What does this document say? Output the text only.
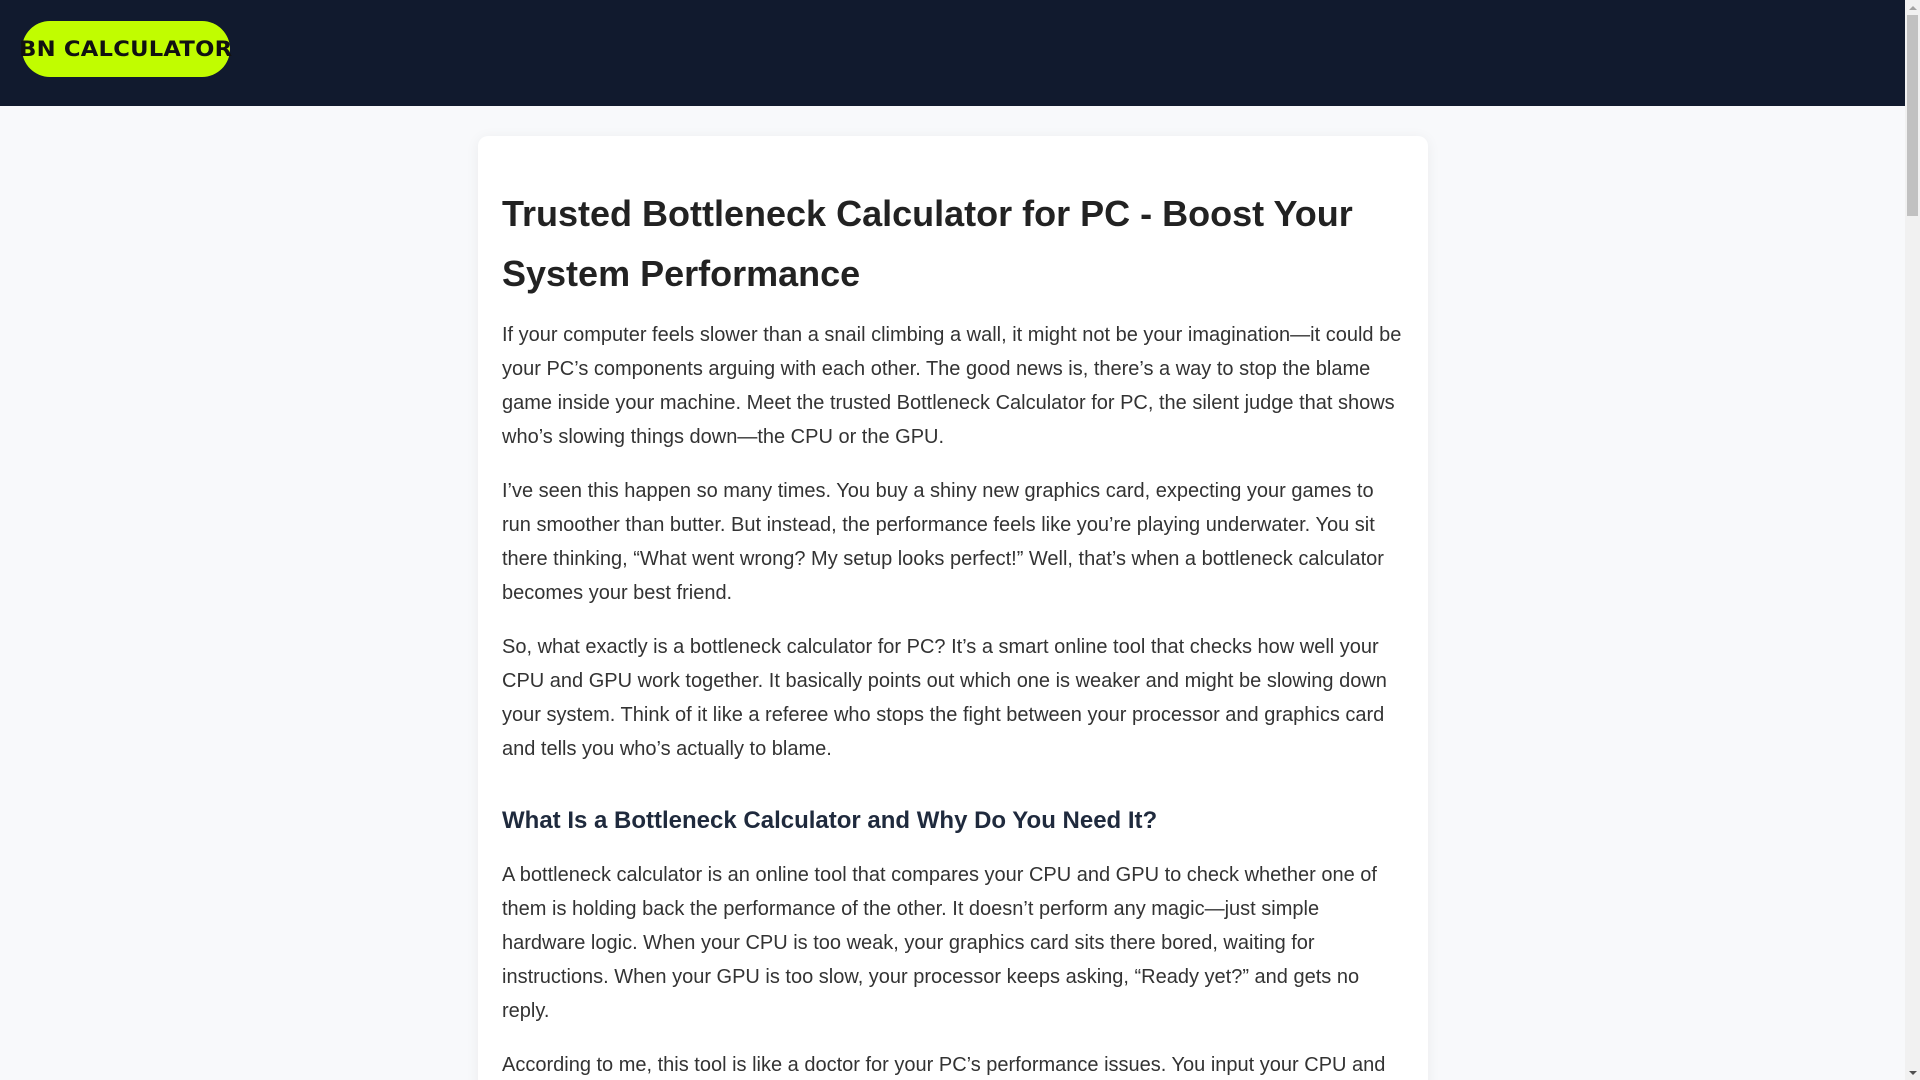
BN CALCULATOR
Trusted Bottleneck Calculator for PC - Boost Your System Performance

If your computer feels slower than a snail climbing a wall, it might not be your imagination—it could be your PC’s components arguing with each other. The good news is, there’s a way to stop the blame game inside your machine. Meet the trusted Bottleneck Calculator for PC, the silent judge that shows who’s slowing things down—the CPU or the GPU.

I’ve seen this happen so many times. You buy a shiny new graphics card, expecting your games to run smoother than butter. But instead, the performance feels like you’re playing underwater. You sit there thinking, “What went wrong? My setup looks perfect!” Well, that’s when a bottleneck calculator becomes your best friend.

So, what exactly is a bottleneck calculator for PC? It’s a smart online tool that checks how well your CPU and GPU work together. It basically points out which one is weaker and might be slowing down your system. Think of it like a referee who stops the fight between your processor and graphics card and tells you who’s actually to blame.

What Is a Bottleneck Calculator and Why Do You Need It?

A bottleneck calculator is an online tool that compares your CPU and GPU to check whether one of them is holding back the performance of the other. It doesn’t perform any magic—just simple hardware logic. When your CPU is too weak, your graphics card sits there bored, waiting for instructions. When your GPU is too slow, your processor keeps asking, “Ready yet?” and gets no reply.

According to me, this tool is like a doctor for your PC’s performance issues. You input your CPU and
